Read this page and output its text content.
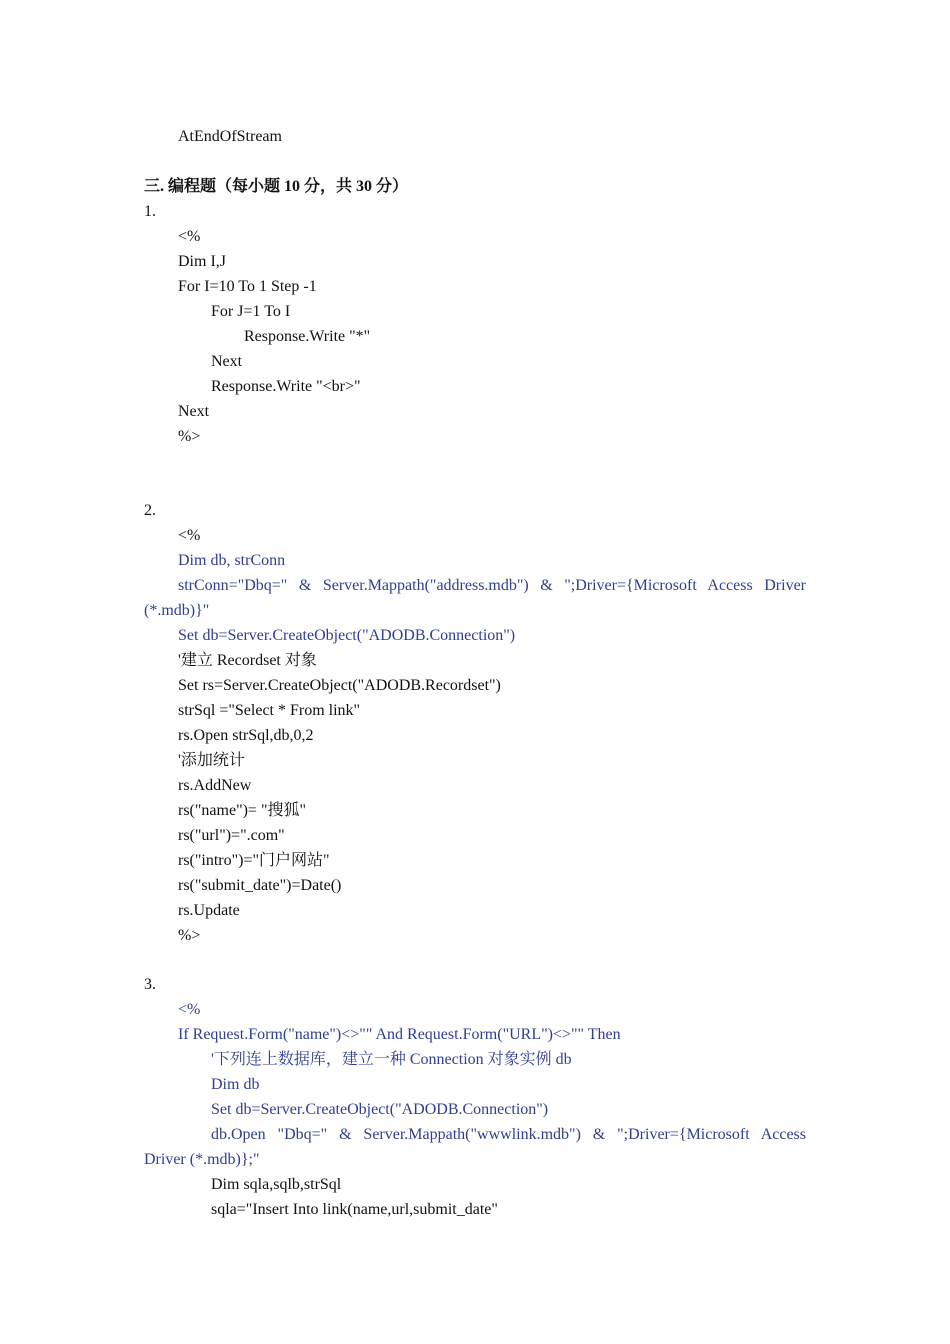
AtEndOfStream
三. 编程题（每小题 10 分，共 30 分）
1.
<%
Dim I,J
For I=10 To 1 Step -1
For J=1 To I
Response.Write "*"
Next
Response.Write "<br>"
Next
%>
2.
<%
Dim db, strConn
strConn="Dbq=" & Server.Mappath("address.mdb") & ";Driver={Microsoft Access Driver
(*.mdb)}"
Set db=Server.CreateObject("ADODB.Connection")
'建立 Recordset 对象
Set rs=Server.CreateObject("ADODB.Recordset")
strSql ="Select * From link"
rs.Open strSql,db,0,2
'添加统计
rs.AddNew
rs("name")= "搜狐"
rs("url")=".com"
rs("intro")="门户网站"
rs("submit_date")=Date()
rs.Update
%>
3.
<%
If Request.Form("name")<>"" And Request.Form("URL")<>"" Then
'下列连上数据库，建立一种 Connection 对象实例 db
Dim db
Set db=Server.CreateObject("ADODB.Connection")
db.Open "Dbq=" & Server.Mappath("wwwlink.mdb") & ";Driver={Microsoft Access
Driver (*.mdb)};"
Dim sqla,sqlb,strSql
sqla="Insert Into link(name,url,submit_date"
